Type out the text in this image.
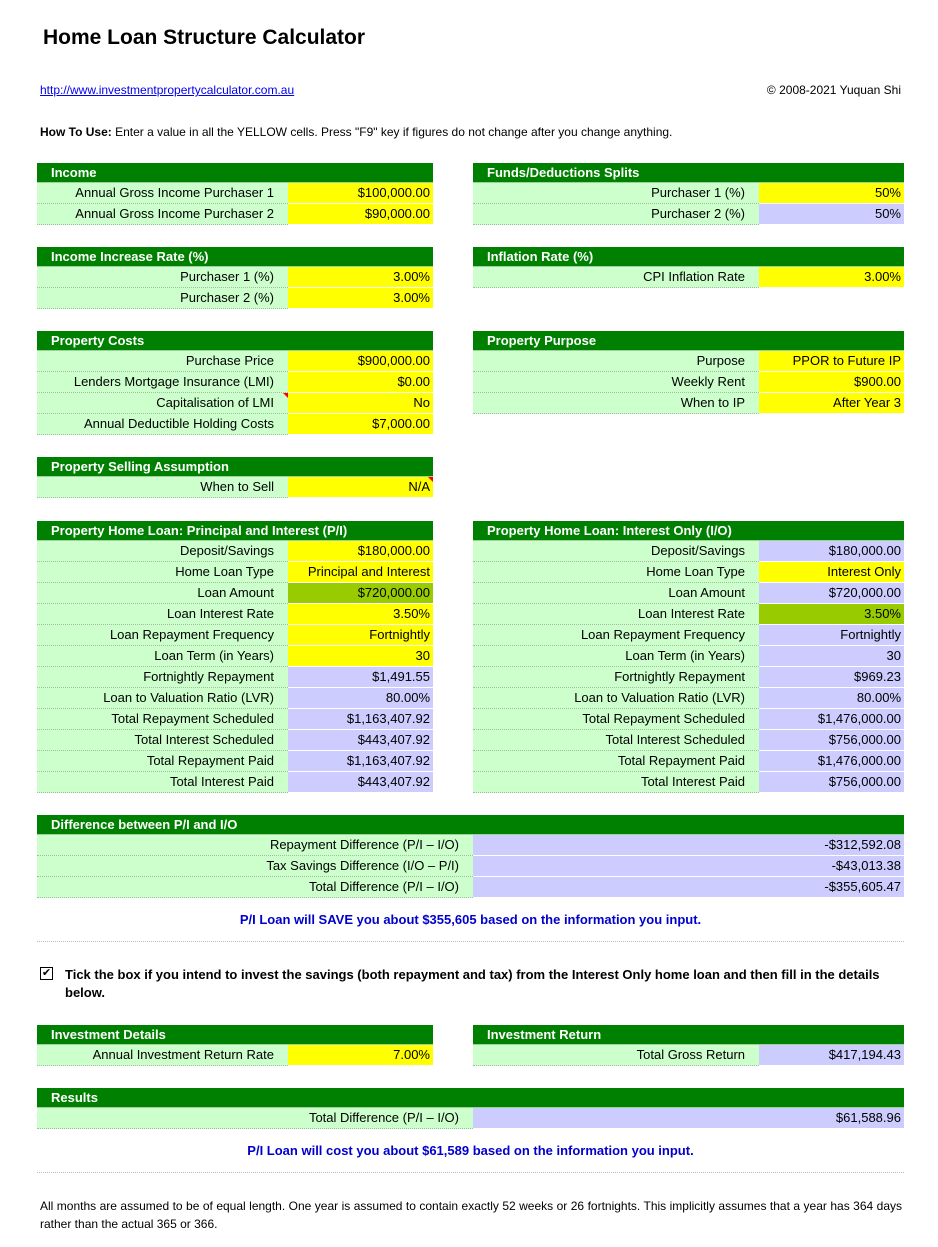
Home Loan Structure Calculator
http://www.investmentpropertycalculator.com.au	© 2008-2021 Yuquan Shi
How To Use: Enter a value in all the YELLOW cells. Press "F9" key if figures do not change after you change anything.
Income
Annual Gross Income Purchaser 1	$100,000.00
Annual Gross Income Purchaser 2	$90,000.00
Funds/Deductions Splits
Purchaser 1 (%)	50%
Purchaser 2 (%)	50%
Income Increase Rate (%)
Purchaser 1 (%)	3.00%
Purchaser 2 (%)	3.00%
Inflation Rate (%)
CPI Inflation Rate	3.00%
Property Costs
Purchase Price	$900,000.00
Lenders Mortgage Insurance (LMI)	$0.00
Capitalisation of LMI	No
Annual Deductible Holding Costs	$7,000.00
Property Purpose
Purpose	PPOR to Future IP
Weekly Rent	$900.00
When to IP	After Year 3
Property Selling Assumption
When to Sell	N/A
Property Home Loan: Principal and Interest (P/I)
Deposit/Savings	$180,000.00
Home Loan Type	Principal and Interest
Loan Amount	$720,000.00
Loan Interest Rate	3.50%
Loan Repayment Frequency	Fortnightly
Loan Term (in Years)	30
Fortnightly Repayment	$1,491.55
Loan to Valuation Ratio (LVR)	80.00%
Total Repayment Scheduled	$1,163,407.92
Total Interest Scheduled	$443,407.92
Total Repayment Paid	$1,163,407.92
Total Interest Paid	$443,407.92
Property Home Loan: Interest Only (I/O)
Deposit/Savings	$180,000.00
Home Loan Type	Interest Only
Loan Amount	$720,000.00
Loan Interest Rate	3.50%
Loan Repayment Frequency	Fortnightly
Loan Term (in Years)	30
Fortnightly Repayment	$969.23
Loan to Valuation Ratio (LVR)	80.00%
Total Repayment Scheduled	$1,476,000.00
Total Interest Scheduled	$756,000.00
Total Repayment Paid	$1,476,000.00
Total Interest Paid	$756,000.00
Difference between P/I and I/O
Repayment Difference (P/I – I/O)	-$312,592.08
Tax Savings Difference (I/O – P/I)	-$43,013.38
Total Difference (P/I – I/O)	-$355,605.47
P/I Loan will SAVE you about $355,605 based on the information you input.
✔ Tick the box if you intend to invest the savings (both repayment and tax) from the Interest Only home loan and then fill in the details below.
Investment Details
Annual Investment Return Rate	7.00%
Investment Return
Total Gross Return	$417,194.43
Results
Total Difference (P/I – I/O)	$61,588.96
P/I Loan will cost you about $61,589 based on the information you input.
All months are assumed to be of equal length. One year is assumed to contain exactly 52 weeks or 26 fortnights. This implicitly assumes that a year has 364 days rather than the actual 365 or 366.
